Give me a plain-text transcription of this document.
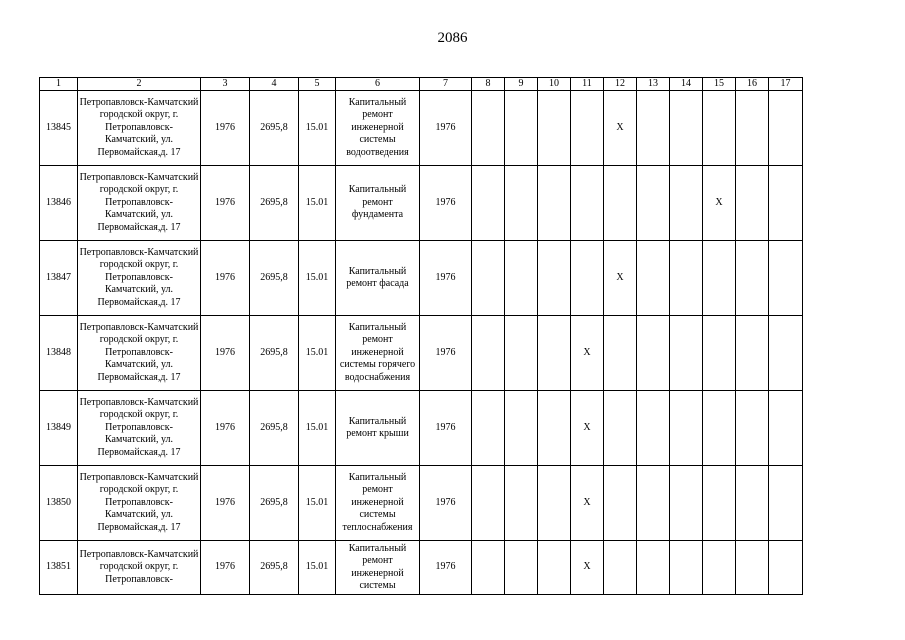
2086
1	2	3	4	5	6	7	8	9	10	11	12	13	14	15	16	17
13845	Петропавловск-Камчатский городской округ, г. Петропавловск-Камчатский, ул. Первомайская,д. 17	1976	2695,8	15.01	Капитальный ремонт инженерной системы водоотведения	1976					X					
13846	Петропавловск-Камчатский городской округ, г. Петропавловск-Камчатский, ул. Первомайская,д. 17	1976	2695,8	15.01	Капитальный ремонт фундамента	1976								X		
13847	Петропавловск-Камчатский городской округ, г. Петропавловск-Камчатский, ул. Первомайская,д. 17	1976	2695,8	15.01	Капитальный ремонт фасада	1976					X					
13848	Петропавловск-Камчатский городской округ, г. Петропавловск-Камчатский, ул. Первомайская,д. 17	1976	2695,8	15.01	Капитальный ремонт инженерной системы горячего водоснабжения	1976				X						
13849	Петропавловск-Камчатский городской округ, г. Петропавловск-Камчатский, ул. Первомайская,д. 17	1976	2695,8	15.01	Капитальный ремонт крыши	1976				X						
13850	Петропавловск-Камчатский городской округ, г. Петропавловск-Камчатский, ул. Первомайская,д. 17	1976	2695,8	15.01	Капитальный ремонт инженерной системы теплоснабжения	1976				X						
13851	Петропавловск-Камчатский городской округ, г. Петропавловск-	1976	2695,8	15.01	Капитальный ремонт инженерной системы	1976				X						
